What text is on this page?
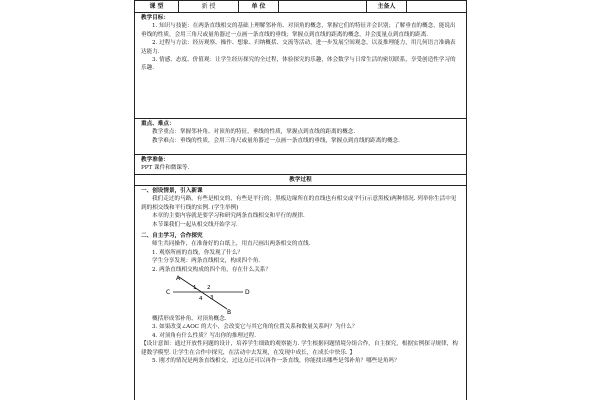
课 型	新 授	单 位	主备人

教学目标：

1. 知识与技能：在两条直线相交的基础上理解邻补角、对顶角的概念，掌握它们的特征并会识别；了解垂直的概念，能说出垂线的性质，会用三角尺或量角器过一点画一条直线的垂线；掌握点到直线的距离的概念，并会度量点到直线的距离.

2. 过程与方法：经历观察、操作、想象、归纳概括、交流等活动，进一步发展空间观念，以及推理能力，用几何语言准确表达能力.

3. 情感、态度、价值观：让学生经历探究的全过程，体验探究的乐趣，体会数学与日常生活的密切联系，享受创造性学习的乐趣.

重点、难点：

教学重点：掌握邻补角、对顶角的特征，垂线的性质，掌握点到直线的距离的概念.

教学难点：垂线的性质，会用三角尺或量角器过一点画一条直线的垂线，掌握点到直线的距离的概念.

教学准备：

PPT 课件和微课等.

教学过程

一、创设情景，引入新课

我们走过的马路，有些是相交的，有些是平行的；黑板边缘所在的直线也有相交或平行(示意黑板)两种情况. 列举你生活中见到的相交线和平行线的实例. (学生举例)

本章的主要内容就是要学习和研究两条直线相交和平行的规律.

本节课我们一起从相交线开始学习.

二、自主学习，合作探究

师生共同操作，在准备好的白纸上，用直尺画出两条相交的直线.

1. 观察所画的直线，你发现了什么？

学生分享发现：两条直线相交，构成四个角.

2. 两条直线相交构成的四个角，存在什么关系？

A
B
C	D
1 2
3
4

概括形成邻补角、对顶角概念.

3. 如果改变∠AOC 的大小，会改变它与其它角的位置关系和数量关系吗？为什么？

4. 对顶角有什么性质？写出你的推理过程.

【设计意图：通过开放性问题的设计，培养学生细致的观察能力. 学生根据问题情境分组合作，自主探究，根据实例探寻规律，构建数学模型. 让学生在合作中探究，在活动中去发现，在发现中成长，在成长中快乐. 】

5. 刚才的情况是两条直线相交，过这点还可以再作一条直线，你能找出哪些是邻补角？哪些是角吗？
